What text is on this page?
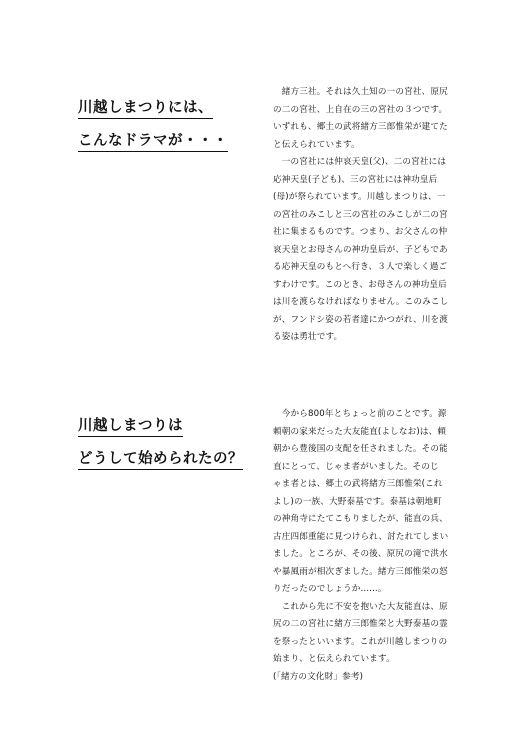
川越しまつりには、
こんなドラマが・・・

　緒方三社。それは久土知の一の宮社、原尻
の二の宮社、上自在の三の宮社の３つです。
いずれも、郷土の武将緒方三郎惟栄が建てた
と伝えられています。

　一の宮社には仲哀天皇(父)、二の宮社には
応神天皇(子ども)、三の宮社には神功皇后
(母)が祭られています。川越しまつりは、一
の宮社のみこしと三の宮社のみこしが二の宮
社に集まるものです。つまり、お父さんの仲
哀天皇とお母さんの神功皇后が、子どもであ
る応神天皇のもとへ行き、３人で楽しく過ご
すわけです。このとき、お母さんの神功皇后
は川を渡らなければなりません。このみこし
が、フンドシ姿の若者達にかつがれ、川を渡
る姿は勇壮です。

川越しまつりは
どうして始められたの？

　今から800年とちょっと前のことです。源
頼朝の家来だった大友能直(よしなお)は、頼
朝から豊後国の支配を任されました。その能
直にとって、じゃま者がいました。そのじ
ゃま者とは、郷土の武将緒方三郎惟栄(これ
よし)の一族、大野泰基です。泰基は朝地町
の神角寺にたてこもりましたが、能直の兵、
古庄四郎重能に見つけられ、討たれてしまい
ました。ところが、その後、原尻の滝で洪水
や暴風雨が相次ぎました。緒方三郎惟栄の怒
りだったのでしょうか……。

　これから先に不安を抱いた大友能直は、原
尻の二の宮社に緒方三郎惟栄と大野泰基の霊
を祭ったといいます。これが川越しまつりの
始まり、と伝えられています。

(「緒方の文化財」参考)
